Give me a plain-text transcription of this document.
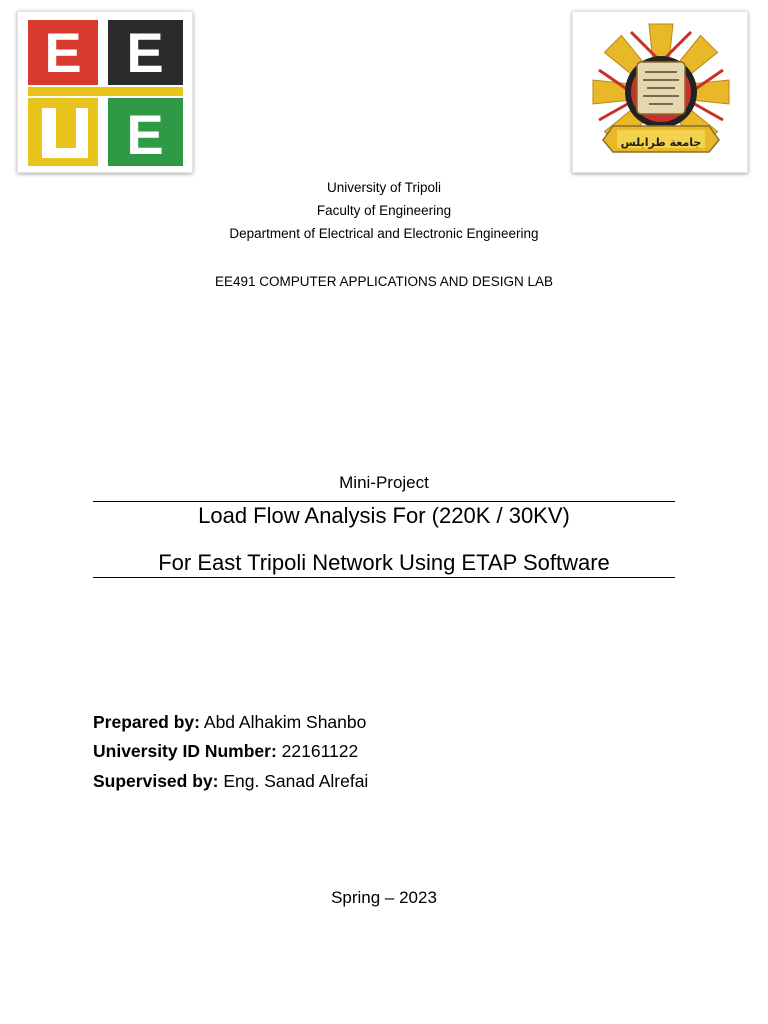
E E
E	جامعة طرابلس
University of Tripoli
Faculty of Engineering
Department of Electrical and Electronic Engineering
EE491 COMPUTER APPLICATIONS AND DESIGN LAB
Mini-Project
Load Flow Analysis For (220K / 30KV)
For East Tripoli Network Using ETAP Software
Prepared by: Abd Alhakim Shanbo
University ID Number: 22161122
Supervised by: Eng. Sanad Alrefai
Spring – 2023
